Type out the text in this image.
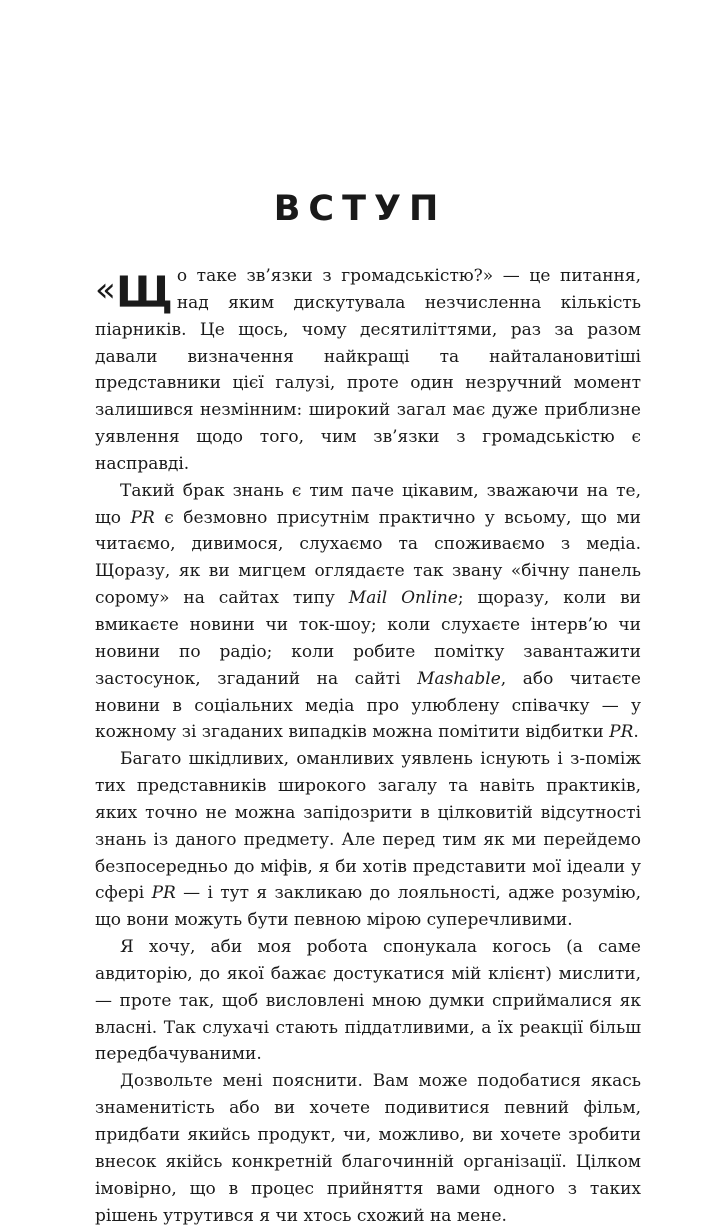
ВСТУП

«Щ о такe зв’язки з громадськістю?» — це питання, над яким дискутувала незчисленна кількість піарників. Це щось, чому десятиліттями, раз за разом давали визначення найкращі та найталановитіші представники цієї галузі, проте один незручний момент залишився незмінним: широкий загал має дуже приблизне уявлення щодо того, чим зв’язки з громадськістю є насправді.

Такий брак знань є тим паче цікавим, зважаючи на те, що PR є безмовно присутнім практично у всьому, що ми читаємо, дивимося, слухаємо та споживаємо з медіа. Щоразу, як ви мигцем оглядаєте так звану «бічну панель сорому» на сайтах типу Mail Online; щоразу, коли ви вмикаєте новини чи ток-шоу; коли слухаєте інтерв’ю чи новини по радіо; коли робите помітку завантажити застосунок, згаданий на сайті Mashable, або читаєте новини в соціальних медіа про улюблену співачку — у кожному зі згаданих випадків можна помітити відбитки PR.

Багато шкідливих, оманливих уявлень існують і з-поміж тих представників широкого загалу та навіть практиків, яких точно не можна запідозрити в цілковитій відсутності знань із даного предмету. Але перед тим як ми перейдемо безпосередньо до міфів, я би хотів представити мої ідеали у сфері PR — і тут я закликаю до лояльності, адже розумію, що вони можуть бути певною мірою суперечливими.

Я хочу, аби моя робота спонукала когось (а саме авдиторію, до якої бажає достукатися мій клієнт) мислити,— проте так, щоб висловлені мною думки сприймалися як власні. Так слухачі стають піддатливими, а їх реакції більш передбачуваними.

Дозвольте мені пояснити. Вам може подобатися якась знаменитість або ви хочете подивитися певний фільм, придбати якийсь продукт, чи, можливо, ви хочете зробити внесок якійсь конкретній благочинній організації. Цілком імовірно, що в процес прийняття вами одного з таких рішень утрутився я чи хтось схожий на мене.
